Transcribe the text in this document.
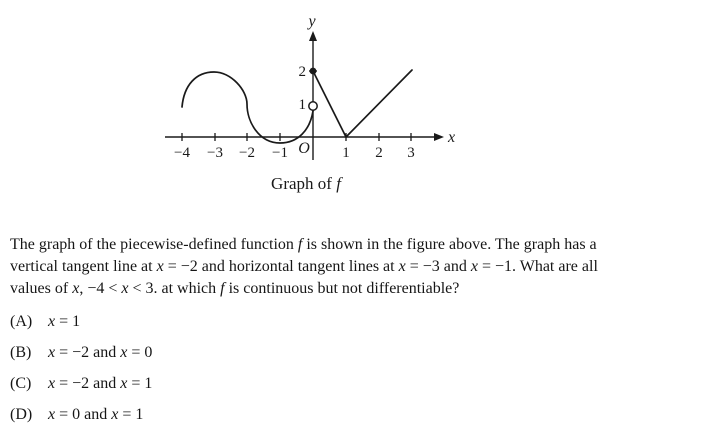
−4 −3 −2 −1	1 2 3
1
2
y
x
O
Graph of f
The graph of the piecewise-defined function f is shown in the figure above. The graph has a
vertical tangent line at x = −2 and horizontal tangent lines at x = −3 and x = −1. What are all
values of x, −4 < x < 3. at which f is continuous but not differentiable?
(A) x = 1
(B) x = −2 and x = 0
(C) x = −2 and x = 1
(D) x = 0 and x = 1
